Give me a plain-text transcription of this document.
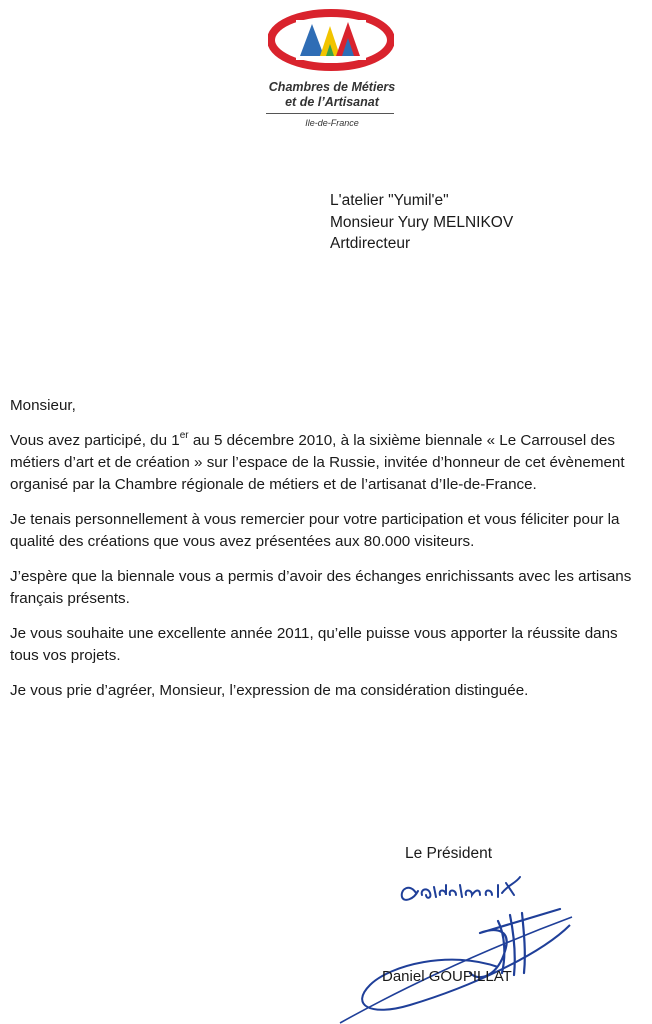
Chambres de Métiers
et de l’Artisanat
Ile-de-France
L'atelier "Yumil'e"
Monsieur Yury MELNIKOV
Artdirecteur

Monsieur,

Vous avez participé, du 1er au 5 décembre 2010, à la sixième biennale « Le Carrousel des métiers d’art et de création » sur l’espace de la Russie, invitée d’honneur de cet évènement organisé par la Chambre régionale de métiers et de l’artisanat d’Ile-de-France.

Je tenais personnellement à vous remercier pour votre participation et vous féliciter pour la qualité des créations que vous avez présentées aux 80.000 visiteurs.

J’espère que la biennale vous a permis d’avoir des échanges enrichissants avec les artisans français présents.

Je vous souhaite une excellente année 2011, qu’elle puisse vous apporter la réussite dans tous vos projets.

Je vous prie d’agréer, Monsieur, l’expression de ma considération distinguée.

Le Président
Daniel GOUPILLAT
